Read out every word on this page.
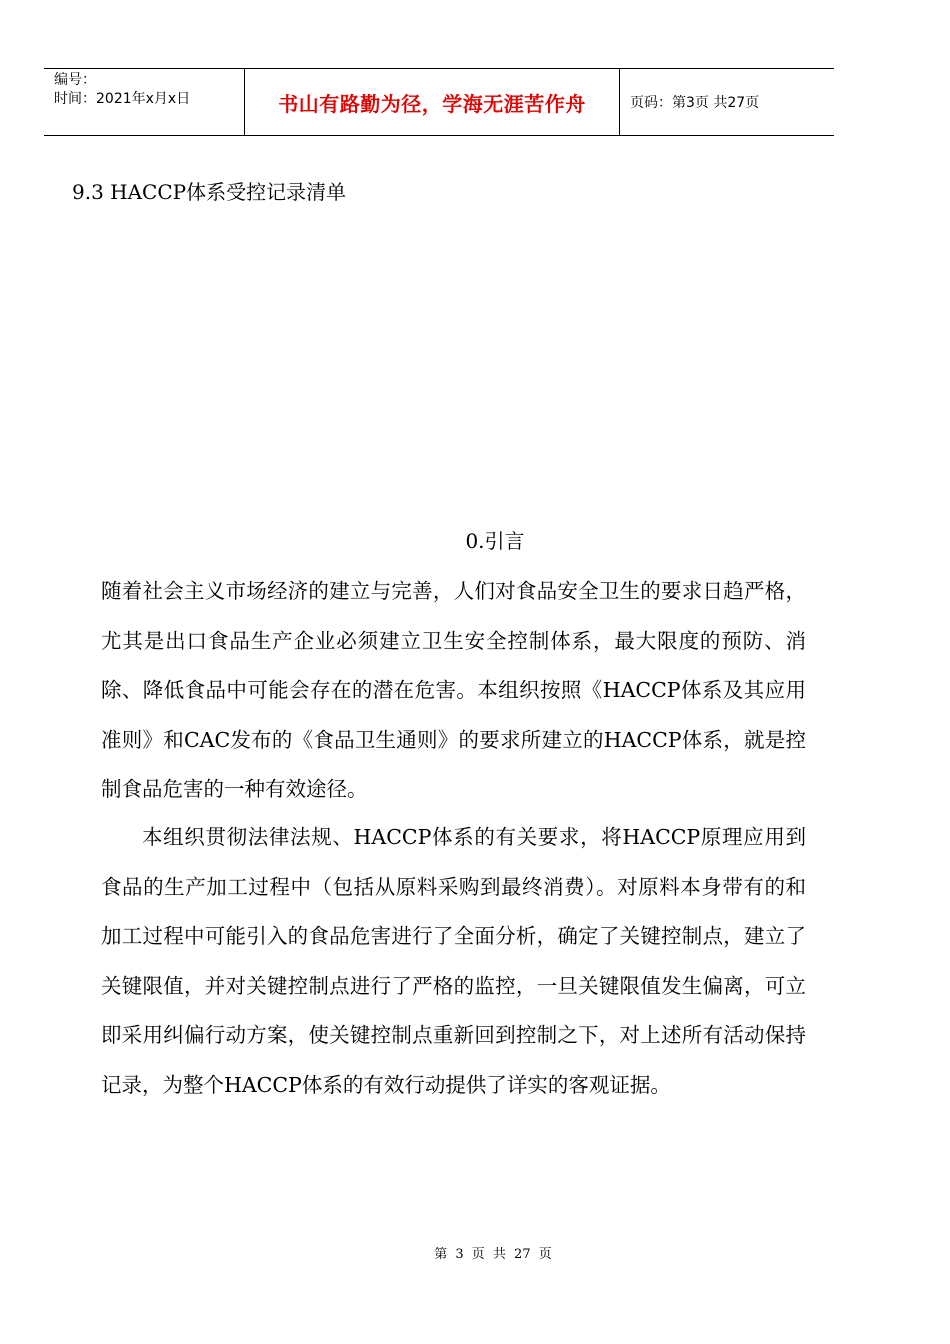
编号：
时间：2021年x月x日	书山有路勤为径，学海无涯苦作舟	页码：第3页 共27页
9.3 HACCP体系受控记录清单
0.引言
随着社会主义市场经济的建立与完善，人们对食品安全卫生的要求日趋严格，尤其是出口食品生产企业必须建立卫生安全控制体系，最大限度的预防、消除、降低食品中可能会存在的潜在危害。本组织按照《HACCP体系及其应用准则》和CAC发布的《食品卫生通则》的要求所建立的HACCP体系，就是控制食品危害的一种有效途径。
本组织贯彻法律法规、HACCP体系的有关要求，将HACCP原理应用到食品的生产加工过程中（包括从原料采购到最终消费）。对原料本身带有的和加工过程中可能引入的食品危害进行了全面分析，确定了关键控制点，建立了关键限值，并对关键控制点进行了严格的监控，一旦关键限值发生偏离，可立即采用纠偏行动方案，使关键控制点重新回到控制之下，对上述所有活动保持记录，为整个HACCP体系的有效行动提供了详实的客观证据。
第 3 页 共 27 页
